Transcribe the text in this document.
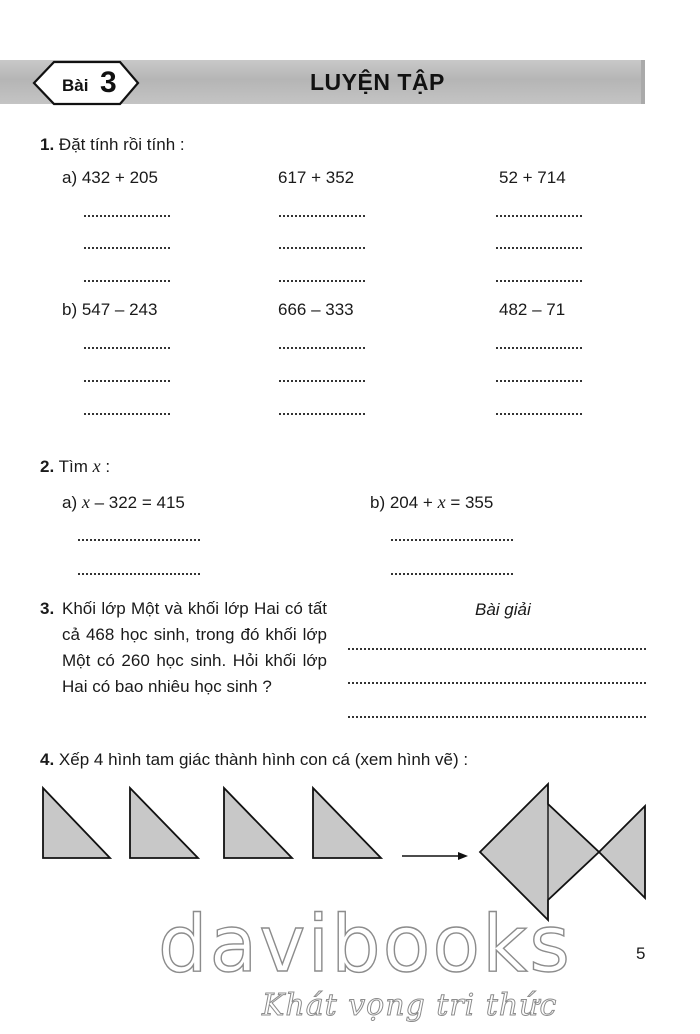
Bài 3	LUYỆN TẬP
1. Đặt tính rồi tính :
a) 432 + 205	617 + 352	52 + 714
b) 547 – 243	666 – 333	482 – 71
2. Tìm x :
a) x – 322 = 415	b) 204 + x = 355
3. Khối lớp Một và khối lớp Hai có tất cả 468 học sinh, trong đó khối lớp Một có 260 học sinh. Hỏi khối lớp Hai có bao nhiêu học sinh ?
Bài giải
4. Xếp 4 hình tam giác thành hình con cá (xem hình vẽ) :
5
davibooks
Khát vọng tri thức
